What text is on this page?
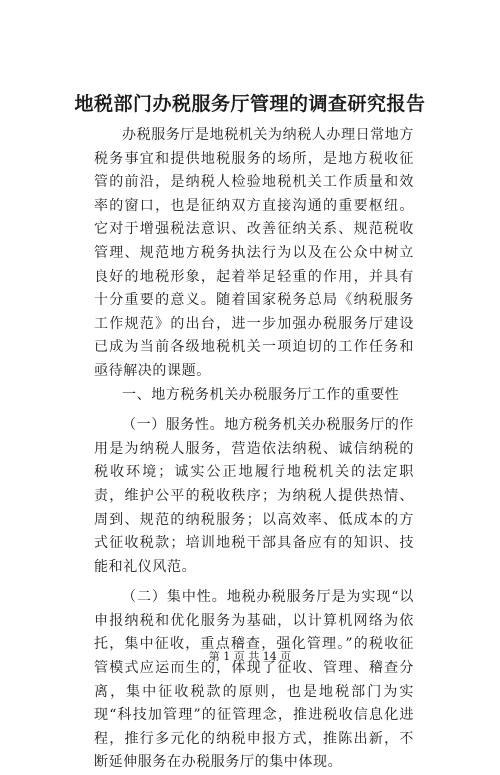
地税部门办税服务厅管理的调查研究报告

办税服务厅是地税机关为纳税人办理日常地方税务事宜和提供地税服务的场所，是地方税收征管的前沿，是纳税人检验地税机关工作质量和效率的窗口，也是征纳双方直接沟通的重要枢纽。它对于增强税法意识、改善征纳关系、规范税收管理、规范地方税务执法行为以及在公众中树立良好的地税形象，起着举足轻重的作用，并具有十分重要的意义。随着国家税务总局《纳税服务工作规范》的出台，进一步加强办税服务厅建设已成为当前各级地税机关一项迫切的工作任务和亟待解决的课题。

一、地方税务机关办税服务厅工作的重要性

（一）服务性。地方税务机关办税服务厅的作用是为纳税人服务，营造依法纳税、诚信纳税的税收环境；诚实公正地履行地税机关的法定职责，维护公平的税收秩序；为纳税人提供热情、周到、规范的纳税服务；以高效率、低成本的方式征收税款；培训地税干部具备应有的知识、技能和礼仪风范。

（二）集中性。地税办税服务厅是为实现“以申报纳税和优化服务为基础，以计算机网络为依托，集中征收，重点稽查，强化管理。”的税收征管模式应运而生的，体现了征收、管理、稽查分离，集中征收税款的原则，也是地税部门为实现“科技加管理”的征管理念，推进税收信息化进程，推行多元化的纳税申报方式，推陈出新，不断延伸服务在办税服务厅的集中体现。

第 1 页 共 14 页
